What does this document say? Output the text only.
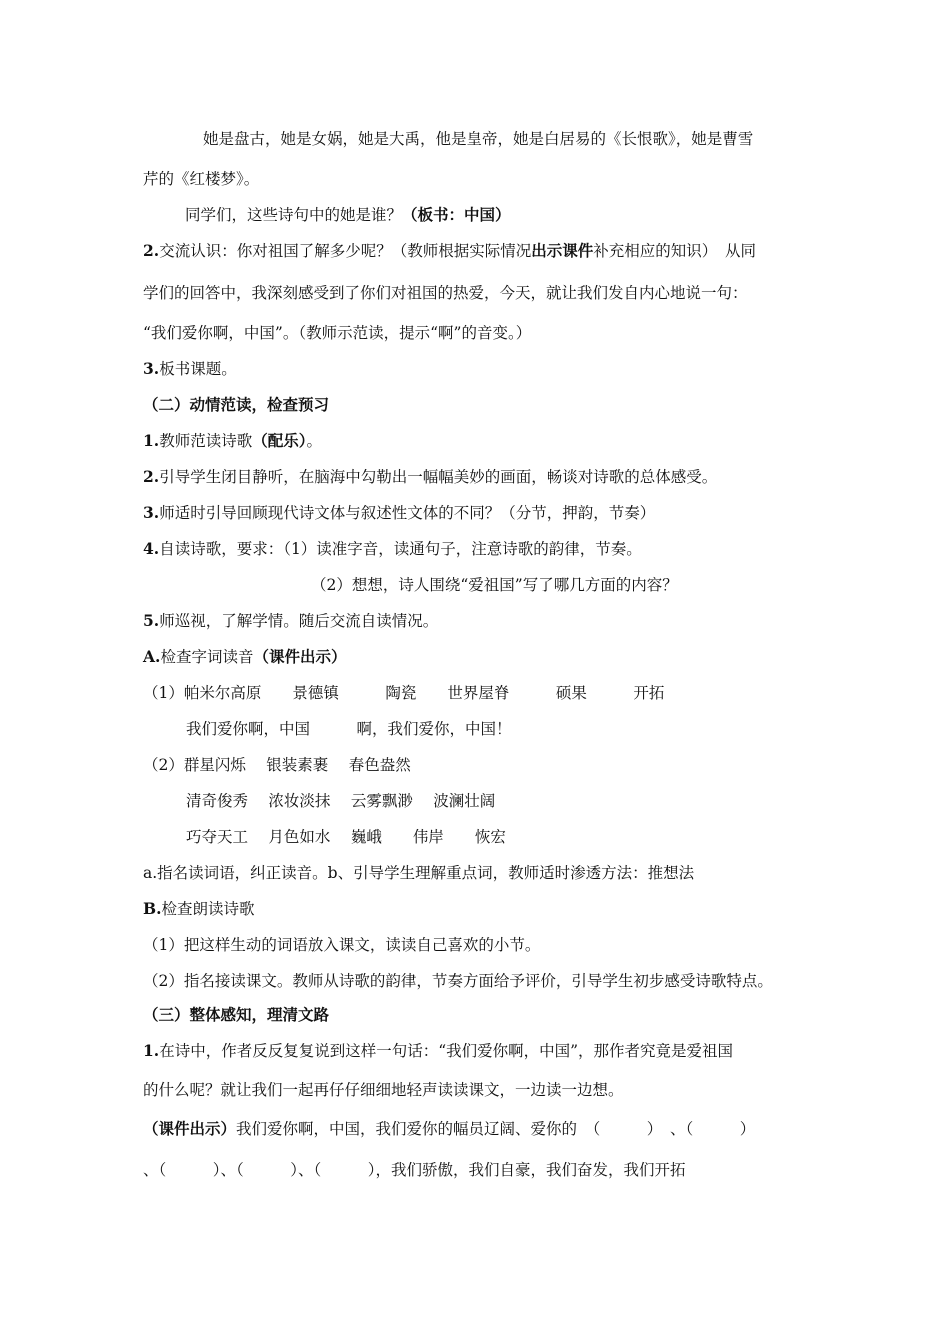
她是盘古，她是女娲，她是大禹，他是皇帝，她是白居易的《长恨歌》，她是曹雪
芹的《红楼梦》。
同学们，这些诗句中的她是谁？（板书：中国）
2.交流认识：你对祖国了解多少呢？（教师根据实际情况出示课件补充相应的知识）　从同
学们的回答中，我深刻感受到了你们对祖国的热爱，今天，就让我们发自内心地说一句：
“我们爱你啊，中国”。（教师示范读，提示“啊”的音变。）
3.板书课题。
（二）动情范读，检查预习
1.教师范读诗歌（配乐）。
2.引导学生闭目静听，在脑海中勾勒出一幅幅美妙的画面，畅谈对诗歌的总体感受。
3.师适时引导回顾现代诗文体与叙述性文体的不同？（分节，押韵，节奏）
4.自读诗歌，要求：（1）读准字音，读通句子，注意诗歌的韵律，节奏。
（2）想想，诗人围绕“爱祖国”写了哪几方面的内容？
5.师巡视，了解学情。随后交流自读情况。
A.检查字词读音（课件出示）
（1）帕米尔高原　　景德镇　　　陶瓷　　世界屋脊　　　硕果　　　开拓
我们爱你啊，中国　　　啊，我们爱你，中国！
（2）群星闪烁　 银装素裹　 春色盎然
清奇俊秀　 浓妆淡抹　 云雾飘渺　 波澜壮阔
巧夺天工　 月色如水　 巍峨　　伟岸　　恢宏
a.指名读词语，纠正读音。b、引导学生理解重点词，教师适时渗透方法：推想法
B.检查朗读诗歌
（1）把这样生动的词语放入课文，读读自己喜欢的小节。
（2）指名接读课文。教师从诗歌的韵律，节奏方面给予评价，引导学生初步感受诗歌特点。
（三）整体感知，理清文路
1.在诗中，作者反反复复说到这样一句话：“我们爱你啊，中国”，那作者究竟是爱祖国
的什么呢？就让我们一起再仔仔细细地轻声读读课文，一边读一边想。
（课件出示）我们爱你啊，中国，我们爱你的幅员辽阔、爱你的　（　　　）　、（　　　）
、（　　　）、（　　　）、（　　　），我们骄傲，我们自豪，我们奋发，我们开拓
